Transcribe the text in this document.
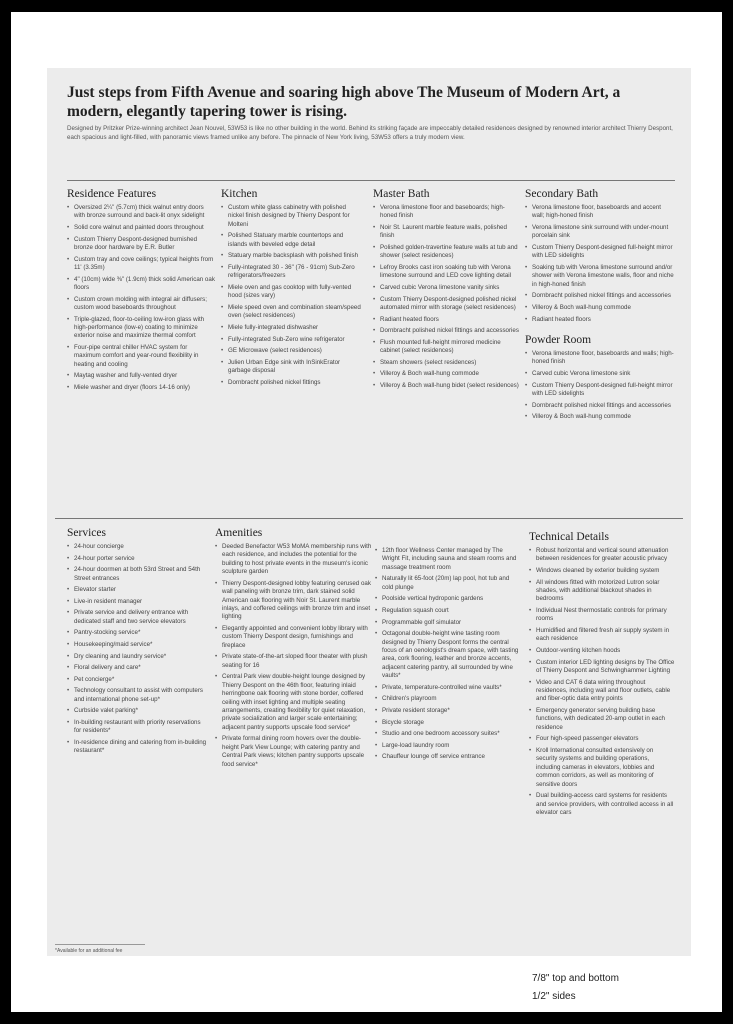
Just steps from Fifth Avenue and soaring high above The Museum of Modern Art, a modern, elegantly tapering tower is rising.

Designed by Pritzker Prize-winning architect Jean Nouvel, 53W53 is like no other building in the world. Behind its striking façade are impeccably detailed residences designed by renowned interior architect Thierry Despont, each spacious and light-filled, with panoramic views framed unlike any before. The pinnacle of New York living, 53W53 offers a truly modern view.

Residence Features
• Oversized 2¼" (5.7cm) thick walnut entry doors with bronze surround and back-lit onyx sidelight
• Solid core walnut and painted doors throughout
• Custom Thierry Despont-designed burnished bronze door hardware by E.R. Butler
• Custom tray and cove ceilings; typical heights from 11' (3.35m)
• 4" (10cm) wide ⅜" (1.9cm) thick solid American oak floors
• Custom crown molding with integral air diffusers; custom wood baseboards throughout
• Triple-glazed, floor-to-ceiling low-iron glass with high-performance (low-e) coating to minimize exterior noise and maximize thermal comfort
• Four-pipe central chiller HVAC system for maximum comfort and year-round flexibility in heating and cooling
• Maytag washer and fully-vented dryer
• Miele washer and dryer (floors 14-16 only)
Kitchen
• Custom white glass cabinetry with polished nickel finish designed by Thierry Despont for Molteni
• Polished Statuary marble countertops and islands with beveled edge detail
• Statuary marble backsplash with polished finish
• Fully-integrated 30 - 36" (76 - 91cm) Sub-Zero refrigerators/freezers
• Miele oven and gas cooktop with fully-vented hood (sizes vary)
• Miele speed oven and combination steam/speed oven (select residences)
• Miele fully-integrated dishwasher
• Fully-integrated Sub-Zero wine refrigerator
• GE Microwave (select residences)
• Julien Urban Edge sink with InSinkErator garbage disposal
• Dornbracht polished nickel fittings
Master Bath
• Verona limestone floor and baseboards; high-honed finish
• Noir St. Laurent marble feature walls, polished finish
• Polished golden-travertine feature walls at tub and shower (select residences)
• Lefroy Brooks cast iron soaking tub with Verona limestone surround and LED cove lighting detail
• Carved cubic Verona limestone vanity sinks
• Custom Thierry Despont-designed polished nickel automated mirror with storage (select residences)
• Radiant heated floors
• Dornbracht polished nickel fittings and accessories
• Flush mounted full-height mirrored medicine cabinet (select residences)
• Steam showers (select residences)
• Villeroy & Boch wall-hung commode
• Villeroy & Boch wall-hung bidet (select residences)
Secondary Bath
• Verona limestone floor, baseboards and accent wall; high-honed finish
• Verona limestone sink surround with under-mount porcelain sink
• Custom Thierry Despont-designed full-height mirror with LED sidelights
• Soaking tub with Verona limestone surround and/or shower with Verona limestone walls, floor and niche in high-honed finish
• Dornbracht polished nickel fittings and accessories
• Villeroy & Boch wall-hung commode
• Radiant heated floors
Powder Room
• Verona limestone floor, baseboards and walls; high-honed finish
• Carved cubic Verona limestone sink
• Custom Thierry Despont-designed full-height mirror with LED sidelights
• Dornbracht polished nickel fittings and accessories
• Villeroy & Boch wall-hung commode
Services
• 24-hour concierge
• 24-hour porter service
• 24-hour doormen at both 53rd Street and 54th Street entrances
• Elevator starter
• Live-in resident manager
• Private service and delivery entrance with dedicated staff and two service elevators
• Pantry-stocking service*
• Housekeeping/maid service*
• Dry cleaning and laundry service*
• Floral delivery and care*
• Pet concierge*
• Technology consultant to assist with computers and international phone set-up*
• Curbside valet parking*
• In-building restaurant with priority reservations for residents*
• In-residence dining and catering from in-building restaurant*
Amenities
• Deeded Benefactor W53 MoMA membership runs with each residence, and includes the potential for the building to host private events in the museum's iconic sculpture garden
• Thierry Despont-designed lobby featuring cerused oak wall paneling with bronze trim, dark stained solid American oak flooring with Noir St. Laurent marble inlays, and coffered ceilings with bronze trim and inset lighting
• Elegantly appointed and convenient lobby library with custom Thierry Despont design, furnishings and fireplace
• Private state-of-the-art sloped floor theater with plush seating for 16
• Central Park view double-height lounge designed by Thierry Despont on the 46th floor, featuring inlaid herringbone oak flooring with stone border, coffered ceiling with inset lighting and multiple seating arrangements, creating flexibility for quiet relaxation, private socialization and larger scale entertaining; adjacent pantry supports upscale food service*
• Private formal dining room hovers over the double-height Park View Lounge; with catering pantry and Central Park views; kitchen pantry supports upscale food service*
• 12th floor Wellness Center managed by The Wright Fit, including sauna and steam rooms and massage treatment room
• Naturally lit 65-foot (20m) lap pool, hot tub and cold plunge
• Poolside vertical hydroponic gardens
• Regulation squash court
• Programmable golf simulator
• Octagonal double-height wine tasting room designed by Thierry Despont forms the central focus of an oenologist's dream space, with tasting area, cork flooring, leather and bronze accents, adjacent catering pantry, all surrounded by wine vaults*
• Private, temperature-controlled wine vaults*
• Children's playroom
• Private resident storage*
• Bicycle storage
• Studio and one bedroom accessory suites*
• Large-load laundry room
• Chauffeur lounge off service entrance
Technical Details
• Robust horizontal and vertical sound attenuation between residences for greater acoustic privacy
• Windows cleaned by exterior building system
• All windows fitted with motorized Lutron solar shades, with additional blackout shades in bedrooms
• Individual Nest thermostatic controls for primary rooms
• Humidified and filtered fresh air supply system in each residence
• Outdoor-venting kitchen hoods
• Custom interior LED lighting designs by The Office of Thierry Despont and Schwinghammer Lighting
• Video and CAT 6 data wiring throughout residences, including wall and floor outlets, cable and fiber-optic data entry points
• Emergency generator serving building base functions, with dedicated 20-amp outlet in each residence
• Four high-speed passenger elevators
• Kroll International consulted extensively on security systems and building operations, including cameras in elevators, lobbies and common corridors, as well as monitoring of sensitive doors
• Dual building-access card systems for residents and service providers, with controlled access in all elevator cars
*Available for an additional fee

7/8" top and bottom

1/2" sides
